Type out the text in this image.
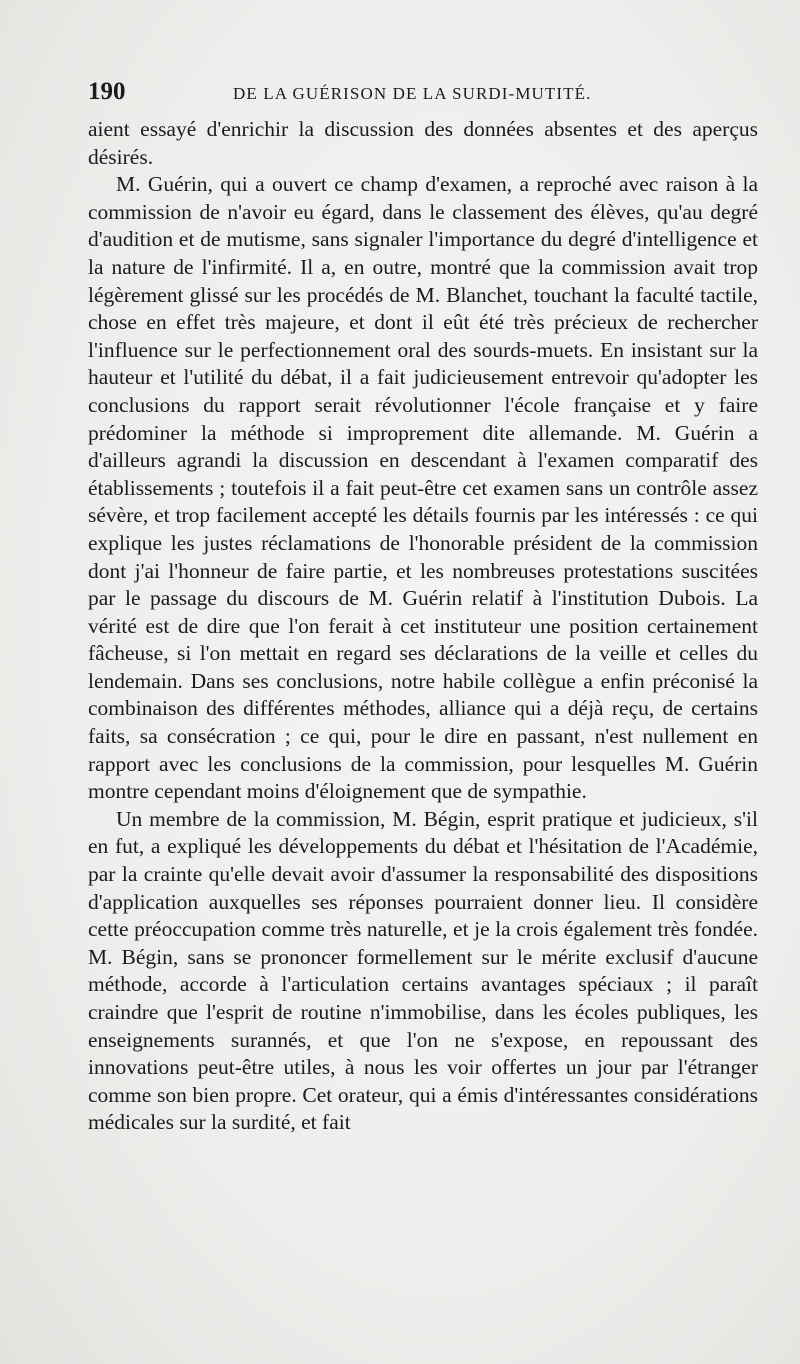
190	DE LA GUÉRISON DE LA SURDI-MUTITÉ.

aient essayé d'enrichir la discussion des données absentes et des aperçus désirés.

M. Guérin, qui a ouvert ce champ d'examen, a reproché avec raison à la commission de n'avoir eu égard, dans le classement des élèves, qu'au degré d'audition et de mutisme, sans signaler l'importance du degré d'intelligence et la nature de l'infirmité. Il a, en outre, montré que la commission avait trop légèrement glissé sur les procédés de M. Blanchet, touchant la faculté tactile, chose en effet très majeure, et dont il eût été très précieux de rechercher l'influence sur le perfectionnement oral des sourds-muets. En insistant sur la hauteur et l'utilité du débat, il a fait judicieusement entrevoir qu'adopter les conclusions du rapport serait révolutionner l'école française et y faire prédominer la méthode si improprement dite allemande. M. Guérin a d'ailleurs agrandi la discussion en descendant à l'examen comparatif des établissements ; toutefois il a fait peut-être cet examen sans un contrôle assez sévère, et trop facilement accepté les détails fournis par les intéressés : ce qui explique les justes réclamations de l'honorable président de la commission dont j'ai l'honneur de faire partie, et les nombreuses protestations suscitées par le passage du discours de M. Guérin relatif à l'institution Dubois. La vérité est de dire que l'on ferait à cet instituteur une position certainement fâcheuse, si l'on mettait en regard ses déclarations de la veille et celles du lendemain. Dans ses conclusions, notre habile collègue a enfin préconisé la combinaison des différentes méthodes, alliance qui a déjà reçu, de certains faits, sa consécration ; ce qui, pour le dire en passant, n'est nullement en rapport avec les conclusions de la commission, pour lesquelles M. Guérin montre cependant moins d'éloignement que de sympathie.

Un membre de la commission, M. Bégin, esprit pratique et judicieux, s'il en fut, a expliqué les développements du débat et l'hésitation de l'Académie, par la crainte qu'elle devait avoir d'assumer la responsabilité des dispositions d'application auxquelles ses réponses pourraient donner lieu. Il considère cette préoccupation comme très naturelle, et je la crois également très fondée. M. Bégin, sans se prononcer formellement sur le mérite exclusif d'aucune méthode, accorde à l'articulation certains avantages spéciaux ; il paraît craindre que l'esprit de routine n'immobilise, dans les écoles publiques, les enseignements surannés, et que l'on ne s'expose, en repoussant des innovations peut-être utiles, à nous les voir offertes un jour par l'étranger comme son bien propre. Cet orateur, qui a émis d'intéressantes considérations médicales sur la surdité, et fait
